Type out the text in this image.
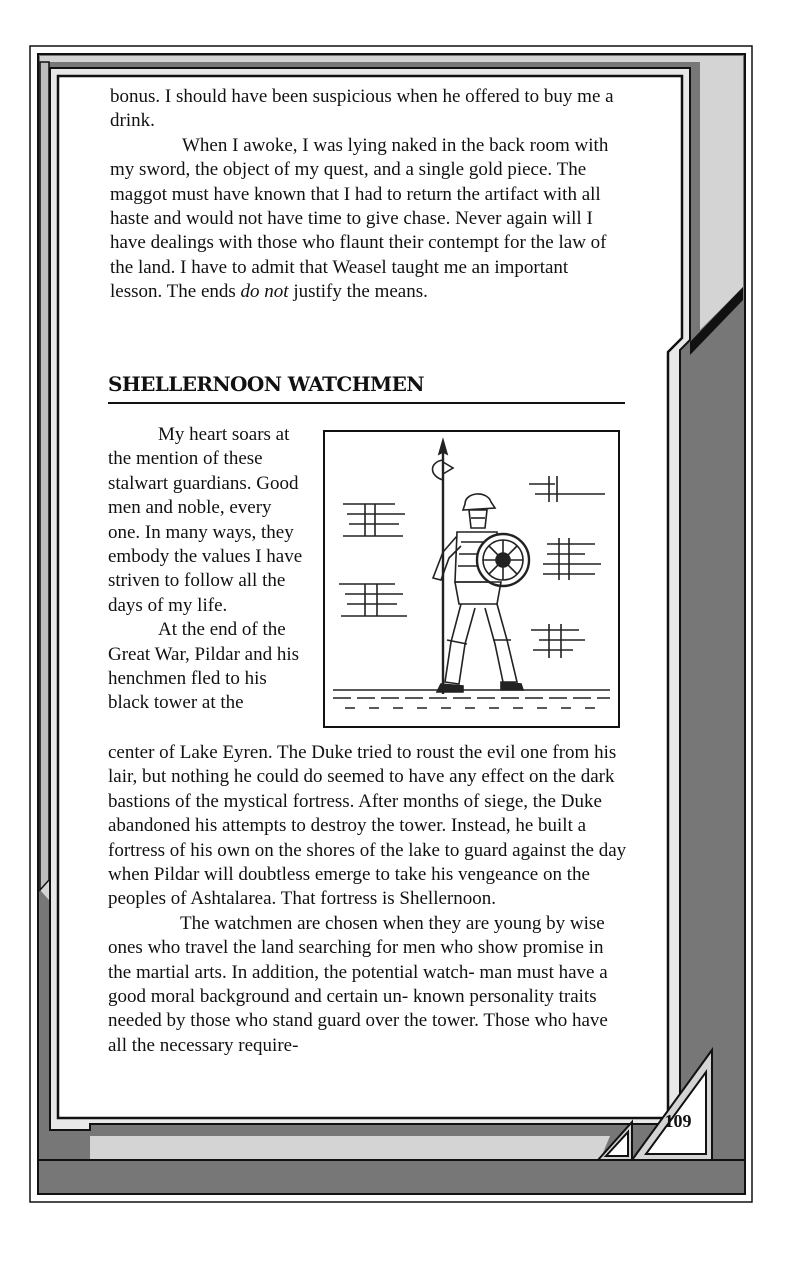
bonus. I should have been suspicious when he offered to buy me a drink.

When I awoke, I was lying naked in the back room with my sword, the object of my quest, and a single gold piece. The maggot must have known that I had to return the artifact with all haste and would not have time to give chase. Never again will I have dealings with those who flaunt their contempt for the law of the land. I have to admit that Weasel taught me an important lesson. The ends do not justify the means.

SHELLERNOON WATCHMEN

My heart soars at the mention of these stalwart guardians. Good men and noble, every one. In many ways, they embody the values I have striven to follow all the days of my life.

At the end of the Great War, Pildar and his henchmen fled to his black tower at the

center of Lake Eyren. The Duke tried to roust the evil one from his lair, but nothing he could do seemed to have any effect on the dark bastions of the mystical fortress. After months of siege, the Duke abandoned his attempts to destroy the tower. Instead, he built a fortress of his own on the shores of the lake to guard against the day when Pildar will doubtless emerge to take his vengeance on the peoples of Ashtalarea. That fortress is Shellernoon.

The watchmen are chosen when they are young by wise ones who travel the land searching for men who show promise in the martial arts. In addition, the potential watch- man must have a good moral background and certain un- known personality traits needed by those who stand guard over the tower. Those who have all the necessary require-

109
